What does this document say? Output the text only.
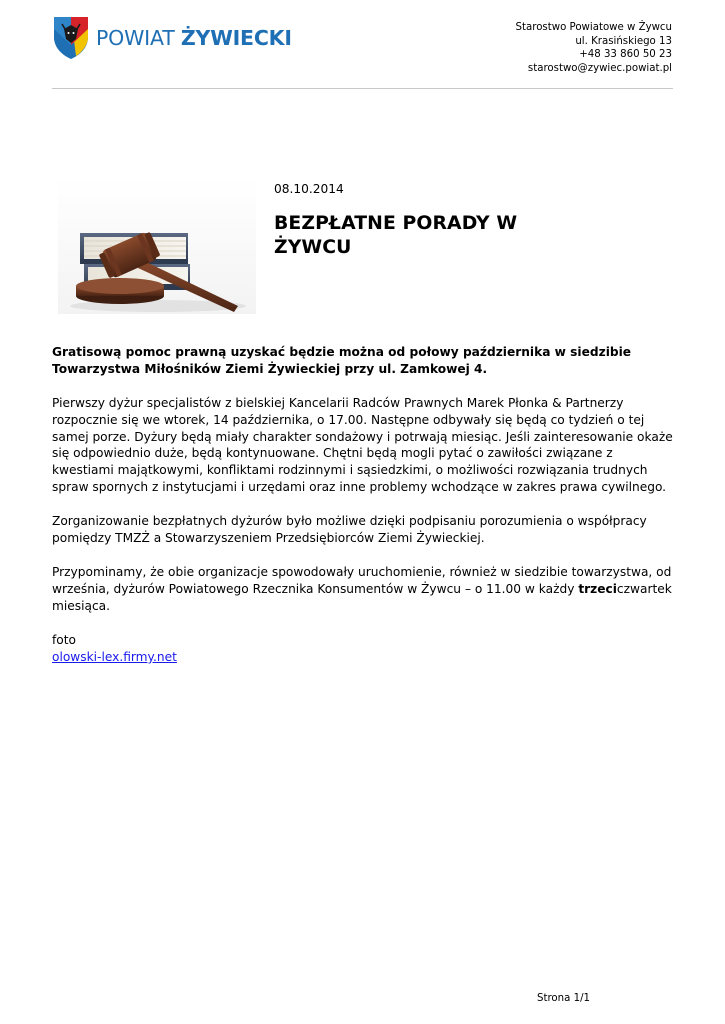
POWIAT ŻYWIECKI	Starostwo Powiatowe w Żywcu
ul. Krasińskiego 13
+48 33 860 50 23
starostwo@zywiec.powiat.pl
08.10.2014
BEZPŁATNE PORADY W ŻYWCU

Gratisową pomoc prawną uzyskać będzie można od połowy października w siedzibie Towarzystwa Miłośników Ziemi Żywieckiej przy ul. Zamkowej 4.

Pierwszy dyżur specjalistów z bielskiej Kancelarii Radców Prawnych Marek Płonka & Partnerzy rozpocznie się we wtorek, 14 października, o 17.00. Następne odbywały się będą co tydzień o tej samej porze. Dyżury będą miały charakter sondażowy i potrwają miesiąc. Jeśli zainteresowanie okaże się odpowiednio duże, będą kontynuowane. Chętni będą mogli pytać o zawiłości związane z kwestiami majątkowymi, konfliktami rodzinnymi i sąsiedzkimi, o możliwości rozwiązania trudnych spraw spornych z instytucjami i urzędami oraz inne problemy wchodzące w zakres prawa cywilnego.

Zorganizowanie bezpłatnych dyżurów było możliwe dzięki podpisaniu porozumienia o współpracy pomiędzy TMZŻ a Stowarzyszeniem Przedsiębiorców Ziemi Żywieckiej.

Przypominamy, że obie organizacje spowodowały uruchomienie, również w siedzibie towarzystwa, od września, dyżurów Powiatowego Rzecznika Konsumentów w Żywcu – o 11.00 w każdy trzeciczwartek miesiąca.

foto
olowski-lex.firmy.net
Strona 1/1
